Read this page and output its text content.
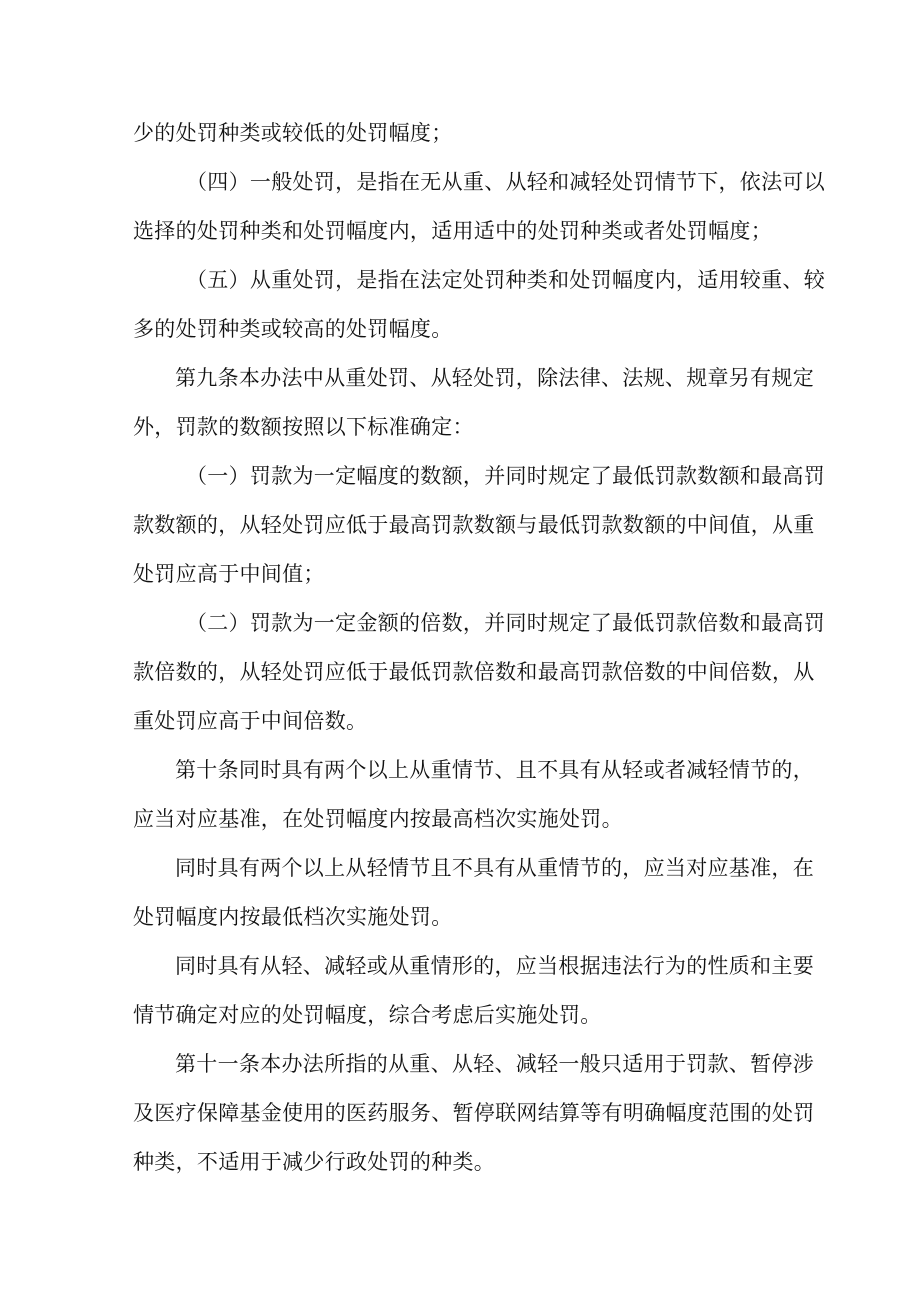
少的处罚种类或较低的处罚幅度；
（四）一般处罚，是指在无从重、从轻和减轻处罚情节下，依法可以
选择的处罚种类和处罚幅度内，适用适中的处罚种类或者处罚幅度；
（五）从重处罚，是指在法定处罚种类和处罚幅度内，适用较重、较
多的处罚种类或较高的处罚幅度。
第九条本办法中从重处罚、从轻处罚，除法律、法规、规章另有规定
外，罚款的数额按照以下标准确定：
（一）罚款为一定幅度的数额，并同时规定了最低罚款数额和最高罚
款数额的，从轻处罚应低于最高罚款数额与最低罚款数额的中间值，从重
处罚应高于中间值；
（二）罚款为一定金额的倍数，并同时规定了最低罚款倍数和最高罚
款倍数的，从轻处罚应低于最低罚款倍数和最高罚款倍数的中间倍数，从
重处罚应高于中间倍数。
第十条同时具有两个以上从重情节、且不具有从轻或者减轻情节的，
应当对应基准，在处罚幅度内按最高档次实施处罚。
同时具有两个以上从轻情节且不具有从重情节的，应当对应基准，在
处罚幅度内按最低档次实施处罚。
同时具有从轻、减轻或从重情形的，应当根据违法行为的性质和主要
情节确定对应的处罚幅度，综合考虑后实施处罚。
第十一条本办法所指的从重、从轻、减轻一般只适用于罚款、暂停涉
及医疗保障基金使用的医药服务、暂停联网结算等有明确幅度范围的处罚
种类，不适用于减少行政处罚的种类。
